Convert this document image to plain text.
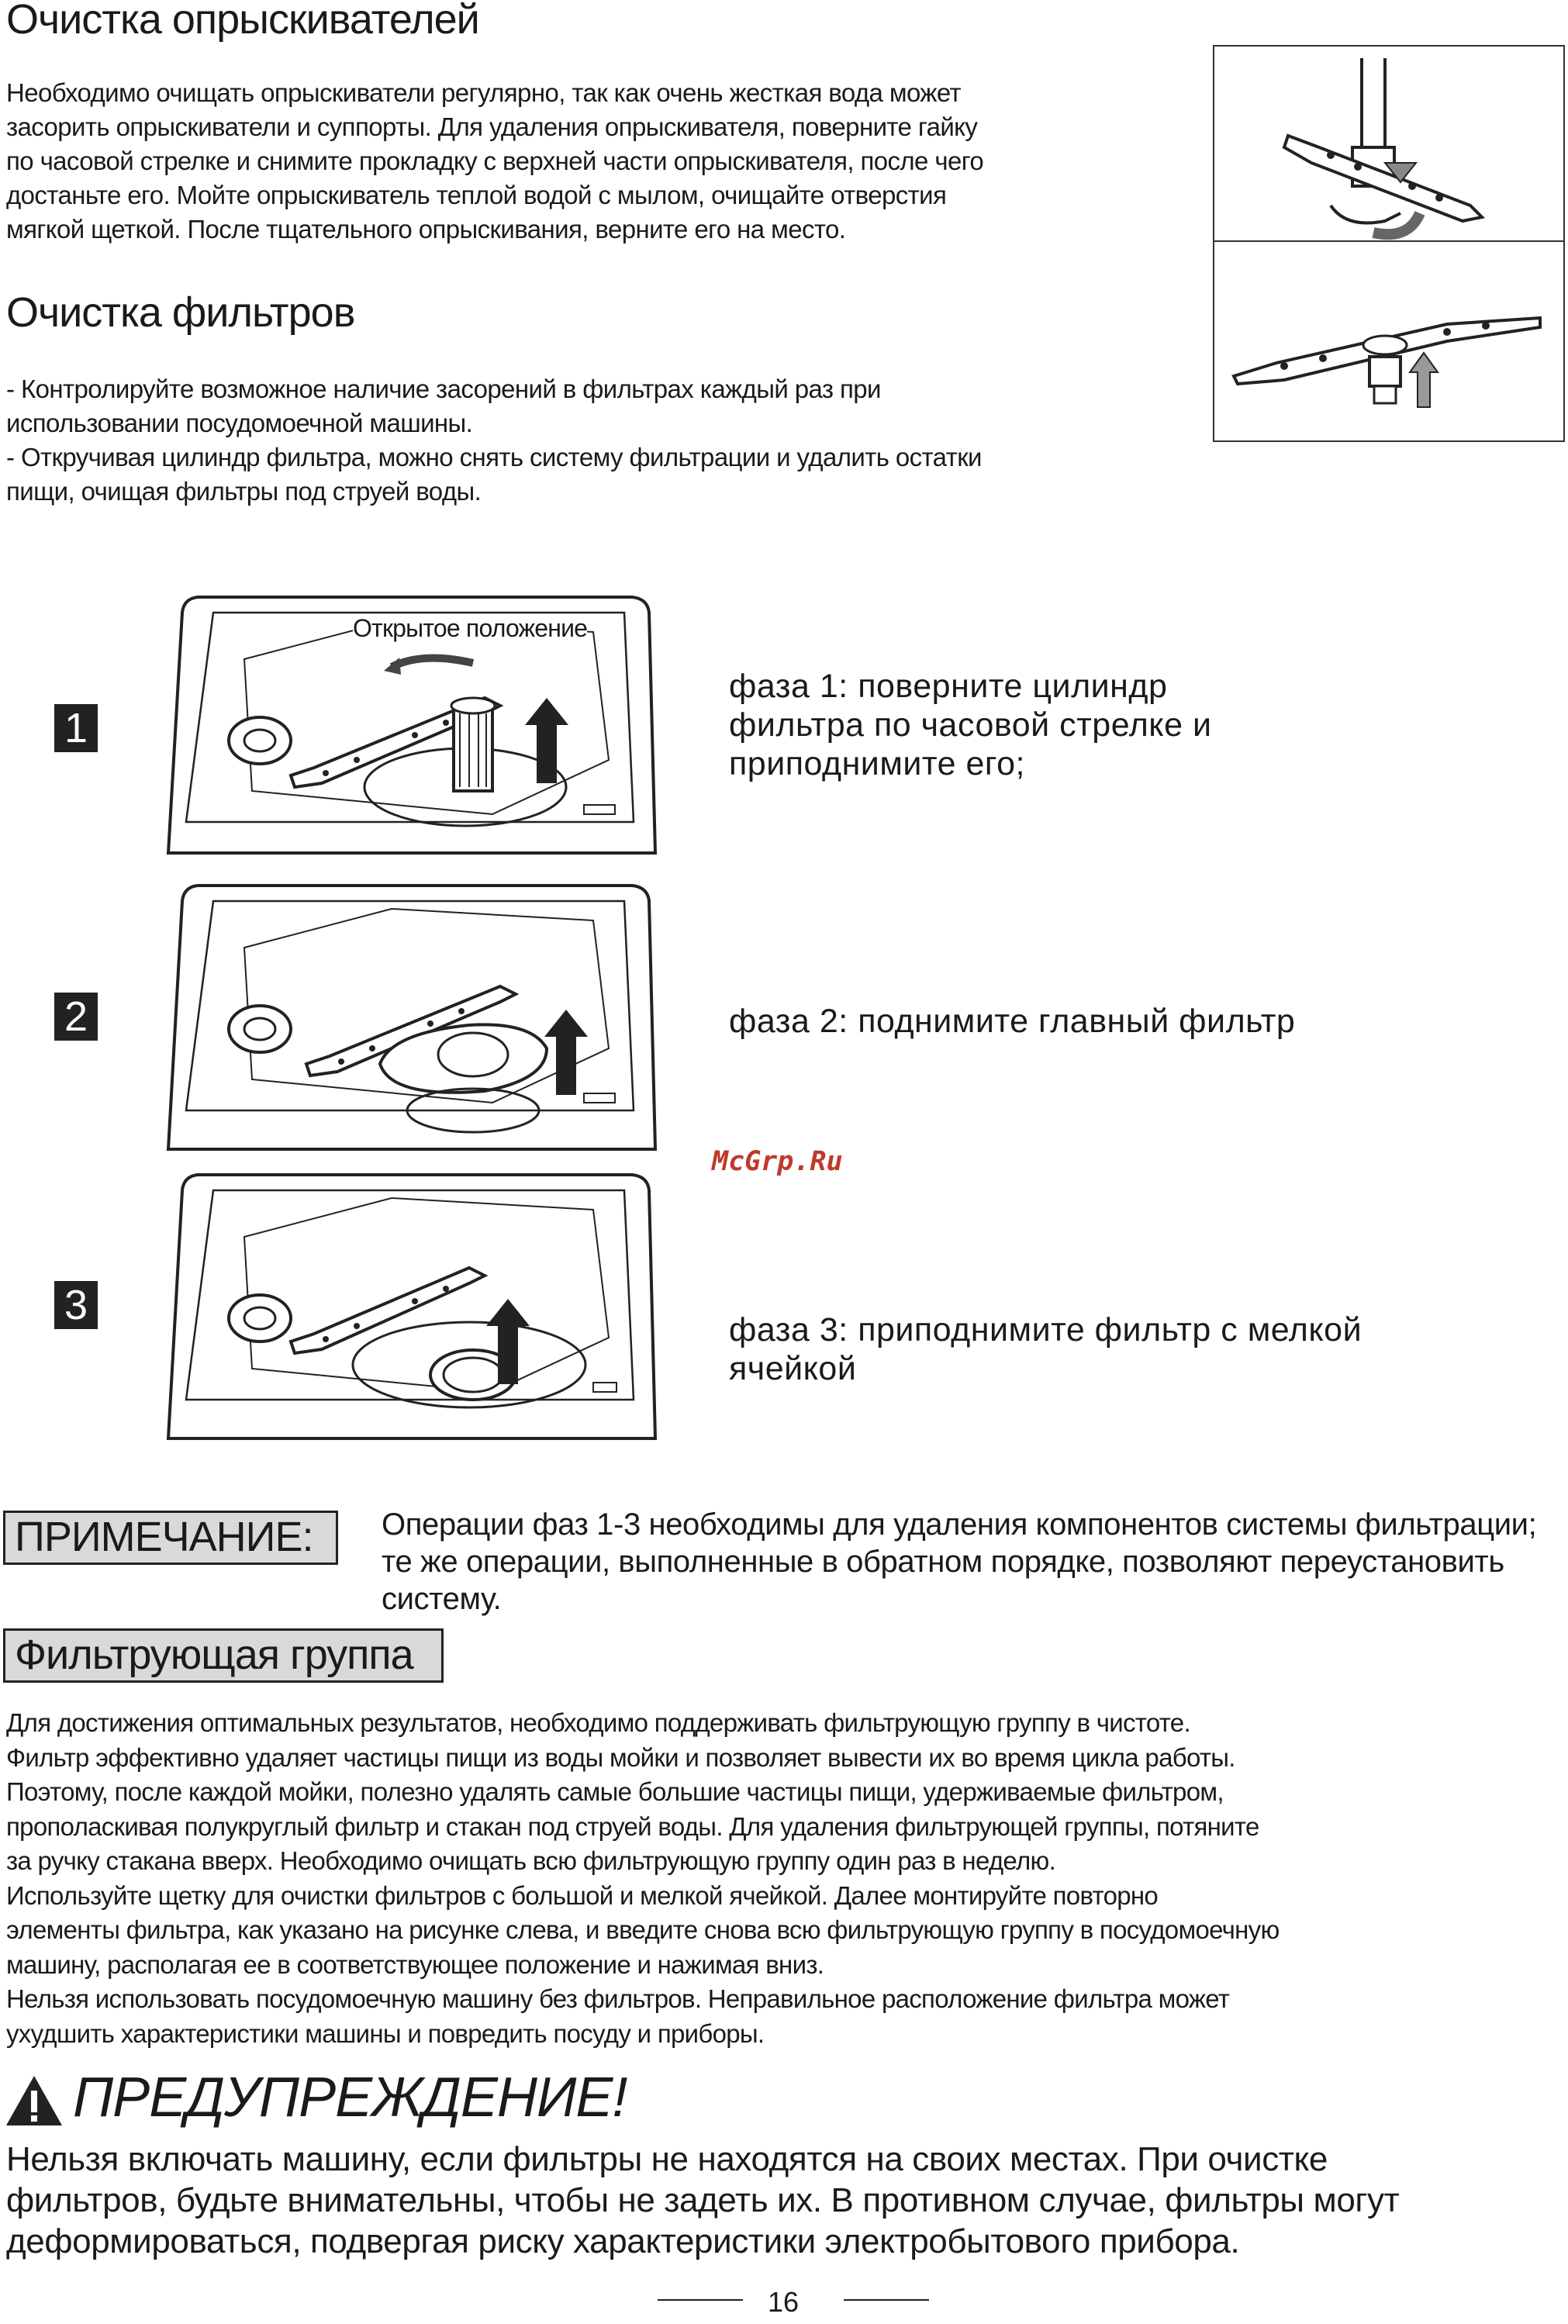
Очистка опрыскивателей
Необходимо очищать опрыскиватели регулярно, так как очень жесткая вода может
засорить опрыскиватели и суппорты. Для удаления опрыскивателя, поверните гайку
по часовой стрелке и снимите прокладку с верхней части опрыскивателя, после чего
достаньте его. Мойте опрыскиватель теплой водой с мылом, очищайте отверстия
мягкой щеткой. После тщательного опрыскивания, верните его на место.
Очистка фильтров
- Контролируйте возможное наличие засорений в фильтрах каждый раз при
использовании посудомоечной машины.
- Откручивая цилиндр фильтра, можно снять систему фильтрации и удалить остатки
пищи, очищая фильтры под струей воды.
1
Открытое положение
фаза 1: поверните цилиндр
фильтра по часовой стрелке и
приподнимите его;
2	фаза 2: поднимите главный фильтр
McGrp.Ru
3
фаза 3: приподнимите фильтр с мелкой
ячейкой
ПРИМЕЧАНИЕ:	Операции фаз 1-3 необходимы для удаления компонентов системы фильтрации;
те же операции, выполненные в обратном порядке, позволяют переустановить
систему.
Фильтрующая группа
Для достижения оптимальных результатов, необходимо поддерживать фильтрующую группу в чистоте.
Фильтр эффективно удаляет частицы пищи из воды мойки и позволяет вывести их во время цикла работы.
Поэтому, после каждой мойки, полезно удалять самые большие частицы пищи, удерживаемые фильтром,
прополаскивая полукруглый фильтр и стакан под струей воды. Для удаления фильтрующей группы, потяните
за ручку стакана вверх. Необходимо очищать всю фильтрующую группу один раз в неделю.
Используйте щетку для очистки фильтров с большой и мелкой ячейкой. Далее монтируйте повторно
элементы фильтра, как указано на рисунке слева, и введите снова всю фильтрующую группу в посудомоечную
машину, располагая ее в соответствующее положение и нажимая вниз.
Нельзя использовать посудомоечную машину без фильтров. Неправильное расположение фильтра может
ухудшить характеристики машины и повредить посуду и приборы.
ПРЕДУПРЕЖДЕНИЕ!
Нельзя включать машину, если фильтры не находятся на своих местах. При очистке
фильтров, будьте внимательны, чтобы не задеть их. В противном случае, фильтры могут
деформироваться, подвергая риску характеристики электробытового прибора.
16
